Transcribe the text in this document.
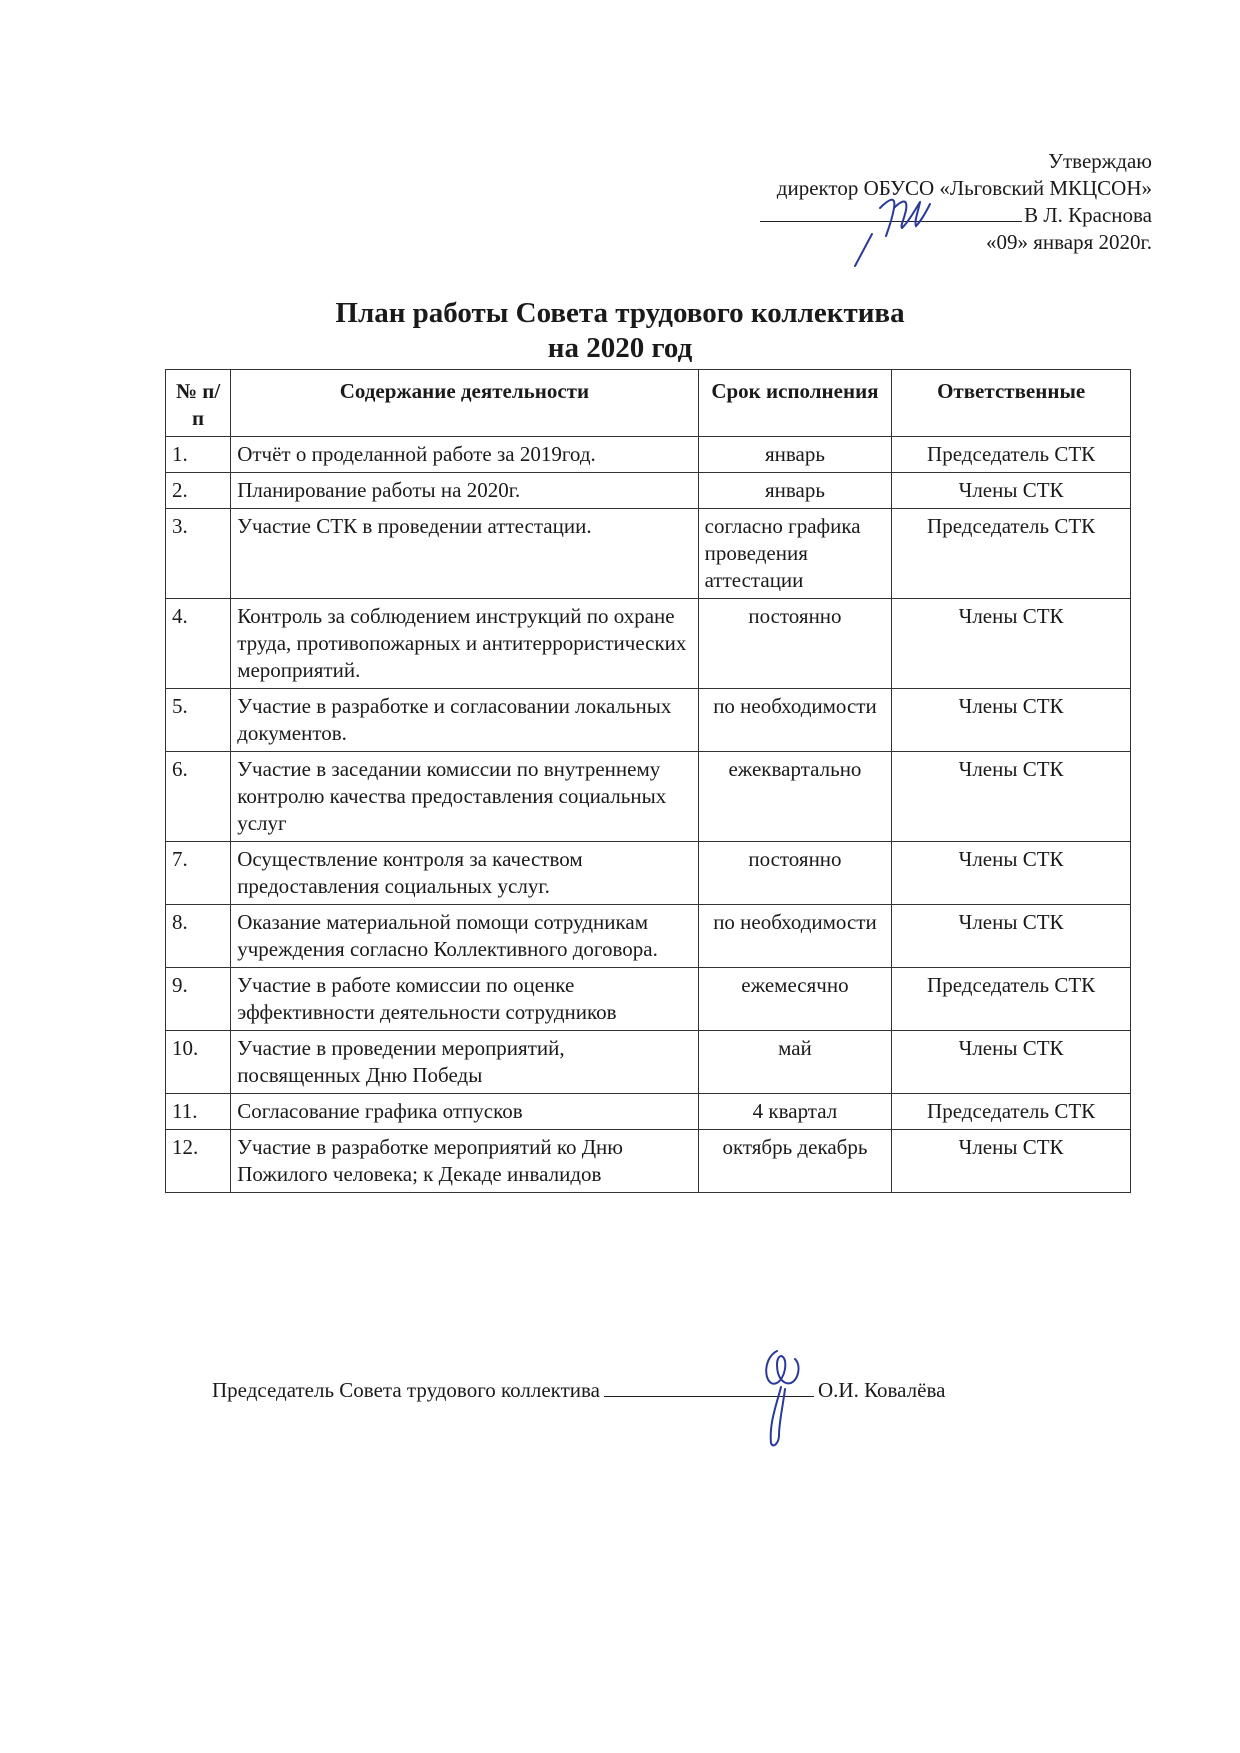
Утверждаю
директор ОБУСО «Льговский МКЦСОН»
В Л. Краснова
«09» января 2020г.
План работы Совета трудового коллектива
на 2020 год
№ п/п	Содержание деятельности	Срок исполнения	Ответственные
1.	Отчёт о проделанной работе за 2019год.	январь	Председатель СТК
2.	Планирование работы на 2020г.	январь	Члены СТК
3.	Участие СТК в проведении аттестации.	согласно графика проведения аттестации	Председатель СТК
4.	Контроль за соблюдением инструкций по охране труда, противопожарных и антитеррористических мероприятий.	постоянно	Члены СТК
5.	Участие в разработке и согласовании локальных документов.	по необходимости	Члены СТК
6.	Участие в заседании комиссии по внутреннему контролю качества предоставления социальных услуг	ежеквартально	Члены СТК
7.	Осуществление контроля за качеством предоставления социальных услуг.	постоянно	Члены СТК
8.	Оказание материальной помощи сотрудникам учреждения согласно Коллективного договора.	по необходимости	Члены СТК
9.	Участие в работе комиссии по оценке эффективности деятельности сотрудников	ежемесячно	Председатель СТК
10.	Участие в проведении мероприятий, посвященных Дню Победы	май	Члены СТК
11.	Согласование графика отпусков	4 квартал	Председатель СТК
12.	Участие в разработке мероприятий ко Дню Пожилого человека; к Декаде инвалидов	октябрь декабрь	Члены СТК
Председатель Совета трудового коллектива	О.И. Ковалёва
